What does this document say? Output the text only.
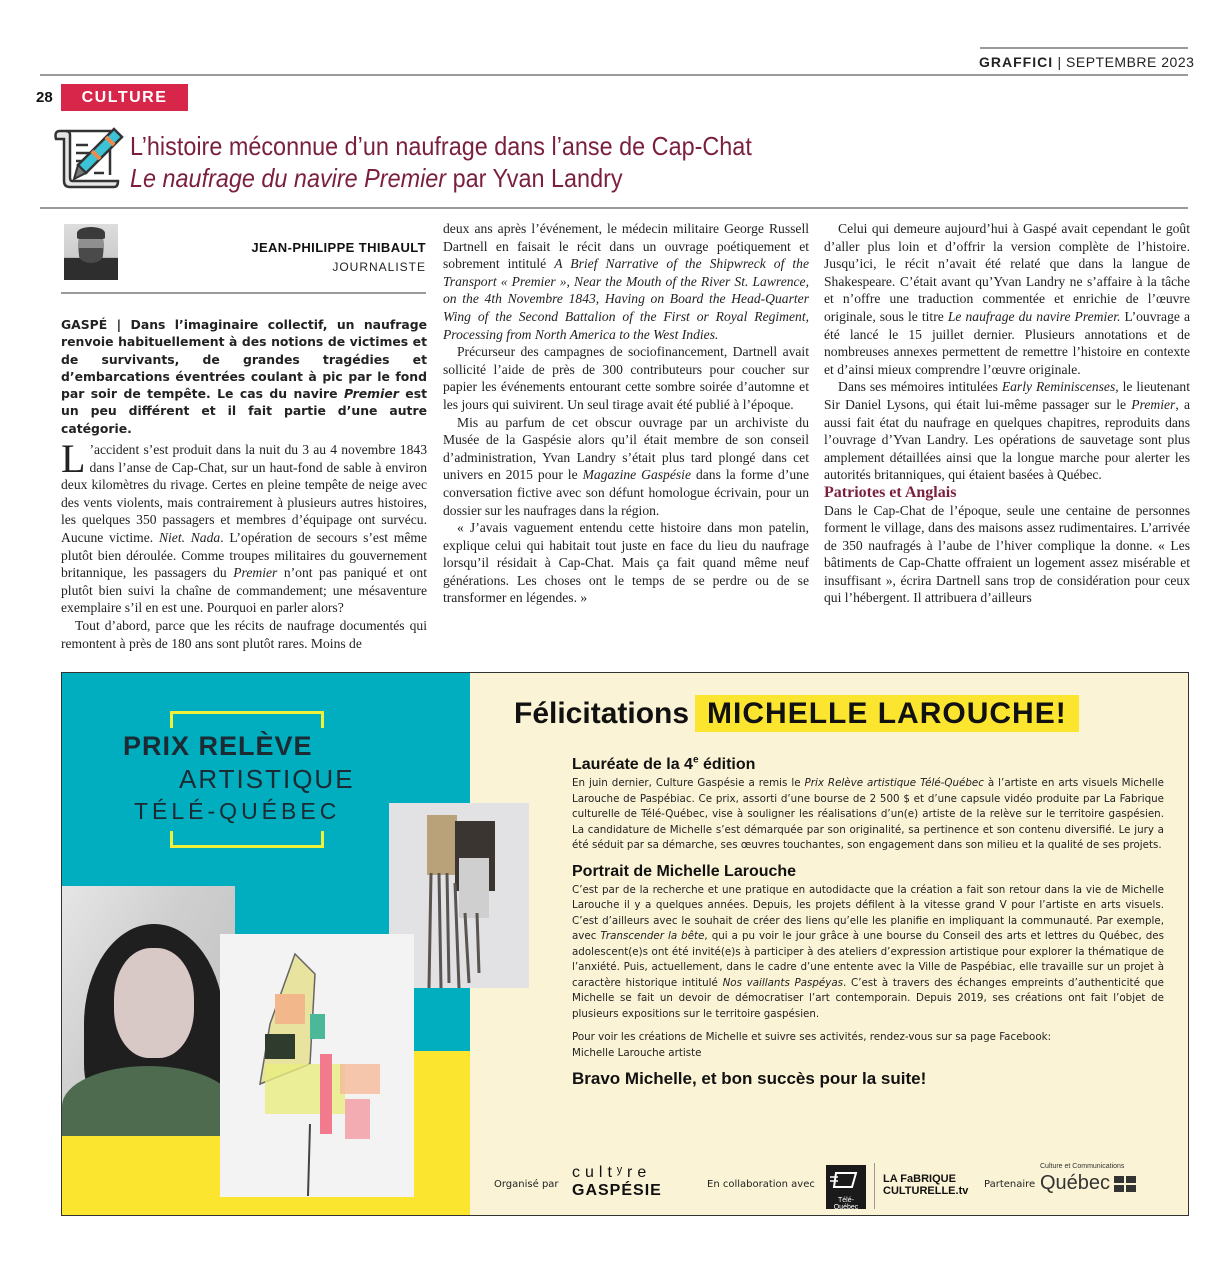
GRAFFICI | SEPTEMBRE 2023
28	CULTURE
L’histoire méconnue d’un naufrage dans l’anse de Cap-Chat
Le naufrage du navire Premier par Yvan Landry
JEAN-PHILIPPE THIBAULT
JOURNALISTE
GASPÉ | Dans l’imaginaire collectif, un naufrage renvoie habituellement à des notions de victimes et de survivants, de grandes tragédies et d’embarcations éventrées coulant à pic par le fond par soir de tempête. Le cas du navire Premier est un peu différent et il fait partie d’une autre catégorie.

L ’accident s’est produit dans la nuit du 3 au 4 novembre 1843 dans l’anse de Cap-Chat, sur un haut-fond de sable à environ deux kilomètres du rivage. Certes en pleine tempête de neige avec des vents violents, mais contrairement à plusieurs autres histoires, les quelques 350 passagers et membres d’équipage ont survécu. Aucune victime. Niet. Nada. L’opération de secours s’est même plutôt bien déroulée. Comme troupes militaires du gouvernement britannique, les passagers du Premier n’ont pas paniqué et ont plutôt bien suivi la chaîne de commandement; une mésaventure exemplaire s’il en est une. Pourquoi en parler alors?

Tout d’abord, parce que les récits de naufrage documentés qui remontent à près de 180 ans sont plutôt rares. Moins de

deux ans après l’événement, le médecin militaire George Russell Dartnell en faisait le récit dans un ouvrage poétiquement et sobrement intitulé A Brief Narrative of the Shipwreck of the Transport « Premier », Near the Mouth of the River St. Lawrence, on the 4th Novembre 1843, Having on Board the Head-Quarter Wing of the Second Battalion of the First or Royal Regiment, Processing from North America to the West Indies.

Précurseur des campagnes de sociofinancement, Dartnell avait sollicité l’aide de près de 300 contributeurs pour coucher sur papier les événements entourant cette sombre soirée d’automne et les jours qui suivirent. Un seul tirage avait été publié à l’époque.

Mis au parfum de cet obscur ouvrage par un archiviste du Musée de la Gaspésie alors qu’il était membre de son conseil d’administration, Yvan Landry s’était plus tard plongé dans cet univers en 2015 pour le Magazine Gaspésie dans la forme d’une conversation fictive avec son défunt homologue écrivain, pour un dossier sur les naufrages dans la région.

« J’avais vaguement entendu cette histoire dans mon patelin, explique celui qui habitait tout juste en face du lieu du naufrage lorsqu’il résidait à Cap-Chat. Mais ça fait quand même neuf générations. Les choses ont le temps de se perdre ou de se transformer en légendes. »

Celui qui demeure aujourd’hui à Gaspé avait cependant le goût d’aller plus loin et d’offrir la version complète de l’histoire. Jusqu’ici, le récit n’avait été relaté que dans la langue de Shakespeare. C’était avant qu’Yvan Landry ne s’affaire à la tâche et n’offre une traduction commentée et enrichie de l’œuvre originale, sous le titre Le naufrage du navire Premier. L’ouvrage a été lancé le 15 juillet dernier. Plusieurs annotations et de nombreuses annexes permettent de remettre l’histoire en contexte et d’ainsi mieux comprendre l’œuvre originale.

Dans ses mémoires intitulées Early Reminiscenses, le lieutenant Sir Daniel Lysons, qui était lui-même passager sur le Premier, a aussi fait état du naufrage en quelques chapitres, reproduits dans l’ouvrage d’Yvan Landry. Les opérations de sauvetage sont plus amplement détaillées ainsi que la longue marche pour alerter les autorités britanniques, qui étaient basées à Québec.

Patriotes et Anglais

Dans le Cap-Chat de l’époque, seule une centaine de personnes forment le village, dans des maisons assez rudimentaires. L’arrivée de 350 naufragés à l’aube de l’hiver complique la donne. « Les bâtiments de Cap-Chatte offraient un logement assez misérable et insuffisant », écrira Dartnell sans trop de considération pour ceux qui l’hébergent. Il attribuera d’ailleurs

PRIX RELÈVE
ARTISTIQUE
TÉLÉ-QUÉBEC
Félicitations MICHELLE LAROUCHE!
Lauréate de la 4e édition
En juin dernier, Culture Gaspésie a remis le Prix Relève artistique Télé-Québec à l’artiste en arts visuels Michelle Larouche de Paspébiac. Ce prix, assorti d’une bourse de 2 500 $ et d’une capsule vidéo produite par La Fabrique culturelle de Télé-Québec, vise à souligner les réalisations d’un(e) artiste de la relève sur le territoire gaspésien. La candidature de Michelle s’est démarquée par son originalité, sa pertinence et son contenu diversifié. Le jury a été séduit par sa démarche, ses œuvres touchantes, son engagement dans son milieu et la qualité de ses projets.
Portrait de Michelle Larouche
C’est par de la recherche et une pratique en autodidacte que la création a fait son retour dans la vie de Michelle Larouche il y a quelques années. Depuis, les projets défilent à la vitesse grand V pour l’artiste en arts visuels. C’est d’ailleurs avec le souhait de créer des liens qu’elle les planifie en impliquant la communauté. Par exemple, avec Transcender la bête, qui a pu voir le jour grâce à une bourse du Conseil des arts et lettres du Québec, des adolescent(e)s ont été invité(e)s à participer à des ateliers d’expression artistique pour explorer la thématique de l’anxiété. Puis, actuellement, dans le cadre d’une entente avec la Ville de Paspébiac, elle travaille sur un projet à caractère historique intitulé Nos vaillants Paspéyas. C’est à travers des échanges empreints d’authenticité que Michelle se fait un devoir de démocratiser l’art contemporain. Depuis 2019, ses créations ont fait l’objet de plusieurs expositions sur le territoire gaspésien.
Pour voir les créations de Michelle et suivre ses activités, rendez-vous sur sa page Facebook:
Michelle Larouche artiste
Bravo Michelle, et bon succès pour la suite!
Organisé par
cultʸre
GASPÉSIE	En collaboration avec
Télé-Québec
LA FaBRIQUE
CULTURELLE.tv
Partenaire
Culture et Communications
Québec
